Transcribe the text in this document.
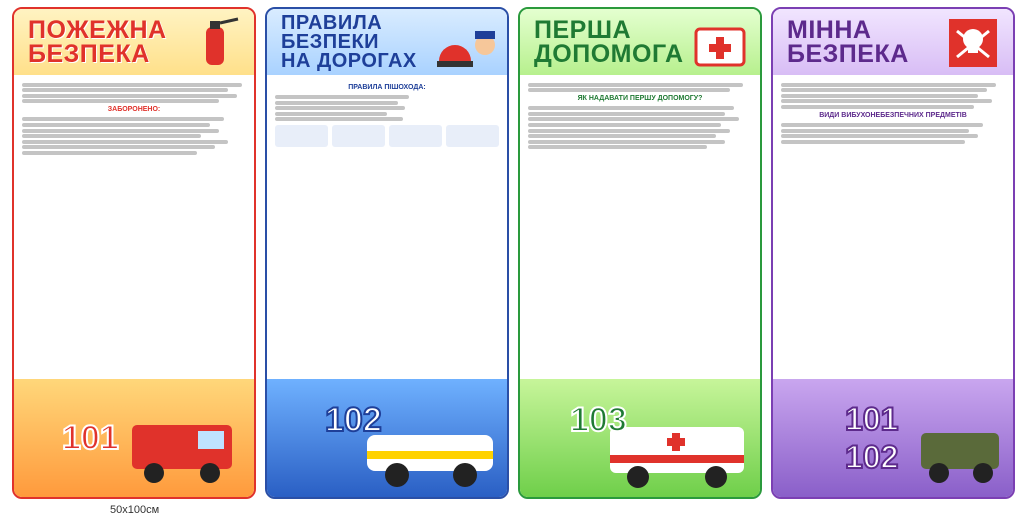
ПОЖЕЖНА
БЕЗПЕКА
ЗАБОРОНЕНО:
101
ПРАВИЛА
БЕЗПЕКИ
НА ДОРОГАХ
ПРАВИЛА ПІШОХОДА:
102
ПЕРША
ДОПОМОГА
ЯК НАДАВАТИ ПЕРШУ ДОПОМОГУ?
103
МІННА
БЕЗПЕКА
ВИДИ ВИБУХОНЕБЕЗПЕЧНИХ ПРЕДМЕТІВ
101
102
50x100см
